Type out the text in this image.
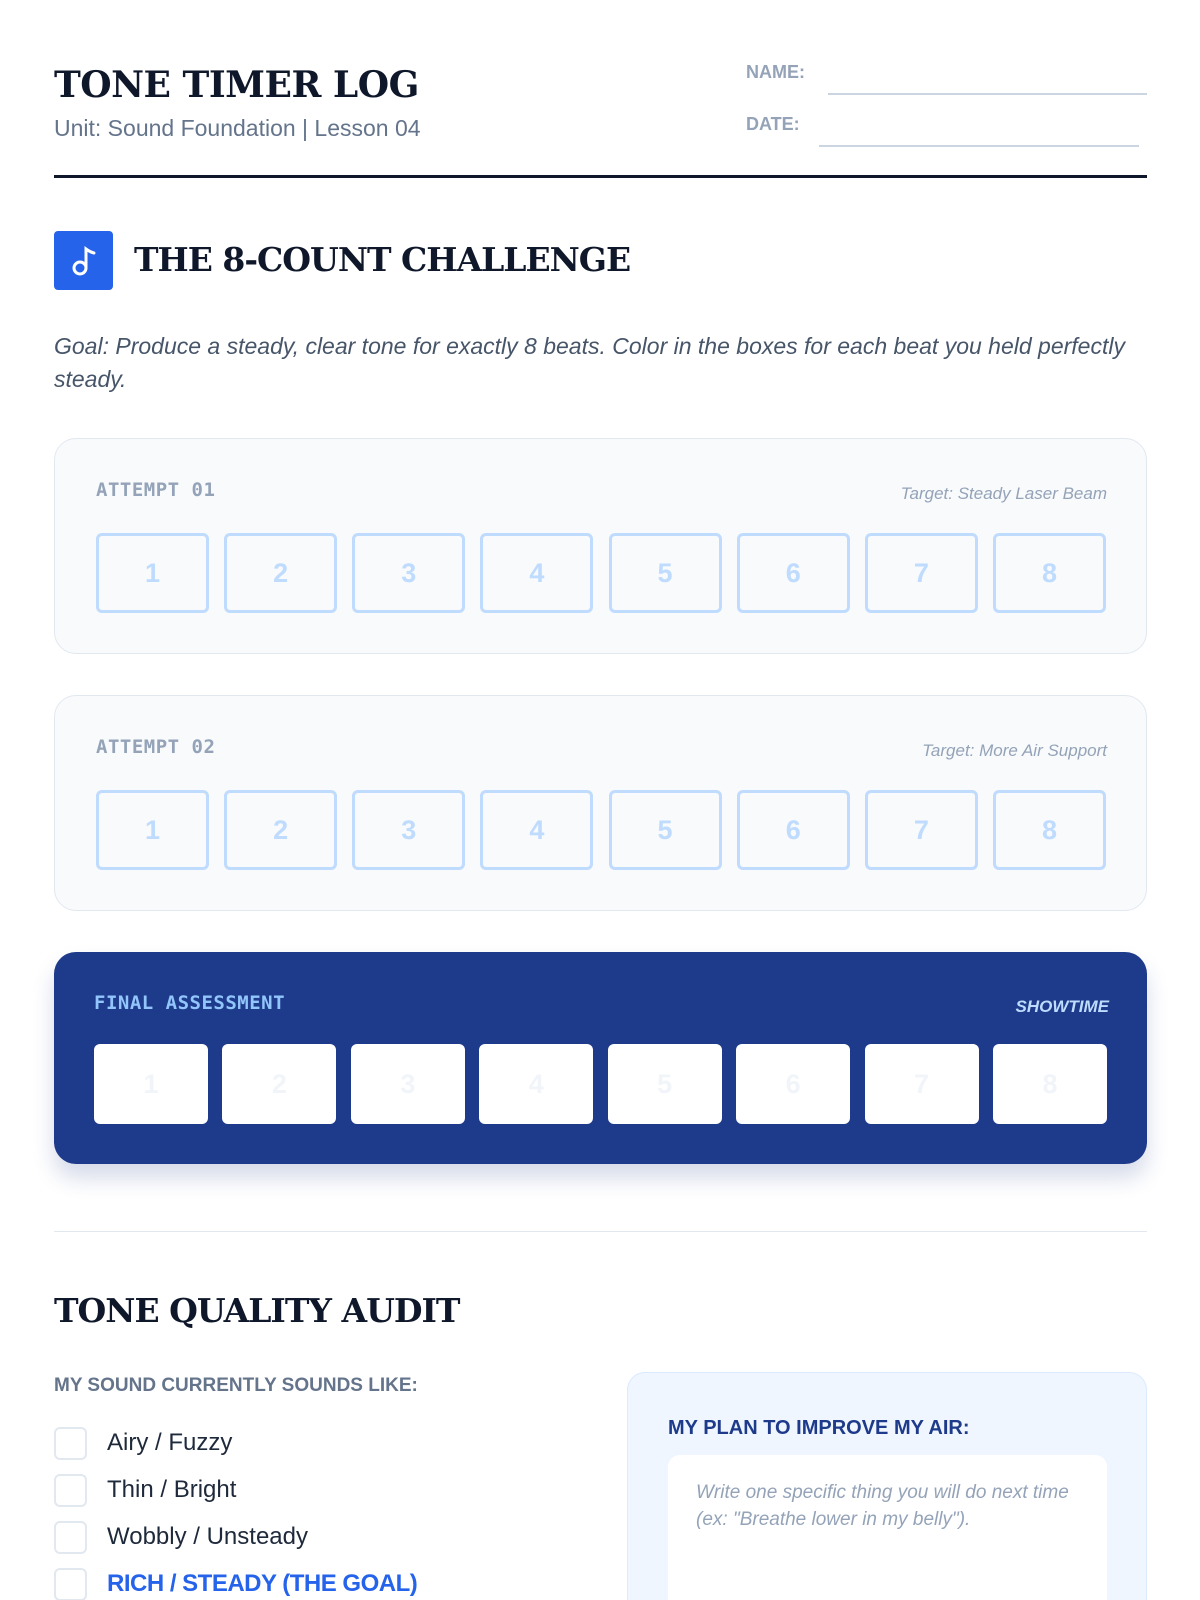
TONE TIMER LOG
Unit: Sound Foundation | Lesson 04
NAME:
DATE:
THE 8-COUNT CHALLENGE
Goal: Produce a steady, clear tone for exactly 8 beats. Color in the boxes for each beat you held perfectly steady.
ATTEMPT 01	Target: Steady Laser Beam
1	2	3	4	5	6	7	8
ATTEMPT 02	Target: More Air Support
1	2	3	4	5	6	7	8
FINAL ASSESSMENT	SHOWTIME
1	2	3	4	5	6	7	8
TONE QUALITY AUDIT
MY SOUND CURRENTLY SOUNDS LIKE:
Airy / Fuzzy
Thin / Bright
Wobbly / Unsteady
RICH / STEADY (THE GOAL)
MY PLAN TO IMPROVE MY AIR:
Write one specific thing you will do next time (ex: "Breathe lower in my belly").
